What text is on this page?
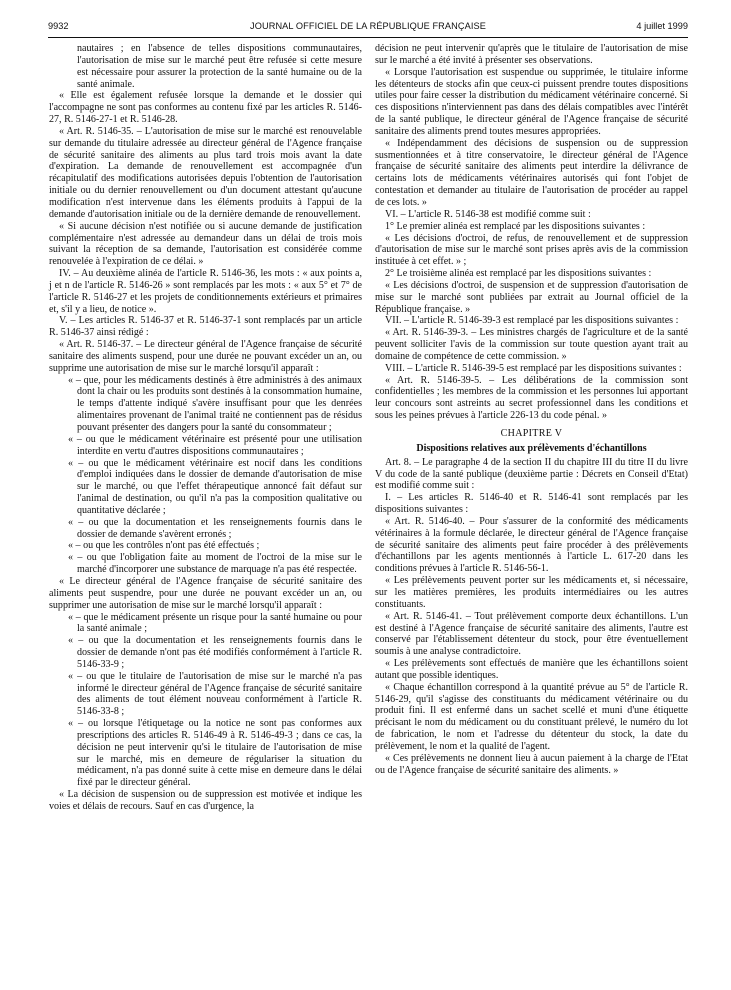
9932	JOURNAL OFFICIEL DE LA RÉPUBLIQUE FRANÇAISE	4 juillet 1999

nautaires ; en l'absence de telles dispositions communautaires, l'autorisation de mise sur le marché peut être refusée si cette mesure est nécessaire pour assurer la protection de la santé humaine ou de la santé animale.

« Elle est également refusée lorsque la demande et le dossier qui l'accompagne ne sont pas conformes au contenu fixé par les articles R. 5146-27, R. 5146-27-1 et R. 5146-28.

« Art. R. 5146-35. – L'autorisation de mise sur le marché est renouvelable sur demande du titulaire adressée au directeur général de l'Agence française de sécurité sanitaire des aliments au plus tard trois mois avant la date d'expiration. La demande de renouvellement est accompagnée d'un récapitulatif des modifications autorisées depuis l'obtention de l'autorisation initiale ou du dernier renouvellement ou d'un document attestant qu'aucune modification n'est intervenue dans les éléments produits à l'appui de la demande d'autorisation initiale ou de la dernière demande de renouvellement.

« Si aucune décision n'est notifiée ou si aucune demande de justification complémentaire n'est adressée au demandeur dans un délai de trois mois suivant la réception de sa demande, l'autorisation est considérée comme renouvelée à l'expiration de ce délai. »

IV. – Au deuxième alinéa de l'article R. 5146-36, les mots : « aux points a, j et n de l'article R. 5146-26 » sont remplacés par les mots : « aux 5° et 7° de l'article R. 5146-27 et les projets de conditionnements extérieurs et primaires et, s'il y a lieu, de notice ».

V. – Les articles R. 5146-37 et R. 5146-37-1 sont remplacés par un article R. 5146-37 ainsi rédigé :

« Art. R. 5146-37. – Le directeur général de l'Agence française de sécurité sanitaire des aliments suspend, pour une durée ne pouvant excéder un an, ou supprime une autorisation de mise sur le marché lorsqu'il apparaît :

« – que, pour les médicaments destinés à être administrés à des animaux dont la chair ou les produits sont destinés à la consommation humaine, le temps d'attente indiqué s'avère insuffisant pour que les denrées alimentaires provenant de l'animal traité ne contiennent pas de résidus pouvant présenter des dangers pour la santé du consommateur ;

« – ou que le médicament vétérinaire est présenté pour une utilisation interdite en vertu d'autres dispositions communautaires ;

« – ou que le médicament vétérinaire est nocif dans les conditions d'emploi indiquées dans le dossier de demande d'autorisation de mise sur le marché, ou que l'effet thérapeutique annoncé fait défaut sur l'animal de destination, ou qu'il n'a pas la composition qualitative ou quantitative déclarée ;

« – ou que la documentation et les renseignements fournis dans le dossier de demande s'avèrent erronés ;

« – ou que les contrôles n'ont pas été effectués ;

« – ou que l'obligation faite au moment de l'octroi de la mise sur le marché d'incorporer une substance de marquage n'a pas été respectée.

« Le directeur général de l'Agence française de sécurité sanitaire des aliments peut suspendre, pour une durée ne pouvant excéder un an, ou supprimer une autorisation de mise sur le marché lorsqu'il apparaît :

« – que le médicament présente un risque pour la santé humaine ou pour la santé animale ;

« – ou que la documentation et les renseignements fournis dans le dossier de demande n'ont pas été modifiés conformément à l'article R. 5146-33-9 ;

« – ou que le titulaire de l'autorisation de mise sur le marché n'a pas informé le directeur général de l'Agence française de sécurité sanitaire des aliments de tout élément nouveau conformément à l'article R. 5146-33-8 ;

« – ou lorsque l'étiquetage ou la notice ne sont pas conformes aux prescriptions des articles R. 5146-49 à R. 5146-49-3 ; dans ce cas, la décision ne peut intervenir qu'si le titulaire de l'autorisation de mise sur le marché, mis en demeure de régulariser la situation du médicament, n'a pas donné suite à cette mise en demeure dans le délai fixé par le directeur général.

« La décision de suspension ou de suppression est motivée et indique les voies et délais de recours. Sauf en cas d'urgence, la

décision ne peut intervenir qu'après que le titulaire de l'autorisation de mise sur le marché a été invité à présenter ses observations.

« Lorsque l'autorisation est suspendue ou supprimée, le titulaire informe les détenteurs de stocks afin que ceux-ci puissent prendre toutes dispositions utiles pour faire cesser la distribution du médicament vétérinaire concerné. Si ces dispositions n'interviennent pas dans des délais compatibles avec l'intérêt de la santé publique, le directeur général de l'Agence française de sécurité sanitaire des aliments prend toutes mesures appropriées.

« Indépendamment des décisions de suspension ou de suppression susmentionnées et à titre conservatoire, le directeur général de l'Agence française de sécurité sanitaire des aliments peut interdire la délivrance de certains lots de médicaments vétérinaires autorisés qui font l'objet de contestation et demander au titulaire de l'autorisation de procéder au rappel de ces lots. »

VI. – L'article R. 5146-38 est modifié comme suit :

1° Le premier alinéa est remplacé par les dispositions suivantes :

« Les décisions d'octroi, de refus, de renouvellement et de suppression d'autorisation de mise sur le marché sont prises après avis de la commission instituée à cet effet. » ;

2° Le troisième alinéa est remplacé par les dispositions suivantes :

« Les décisions d'octroi, de suspension et de suppression d'autorisation de mise sur le marché sont publiées par extrait au Journal officiel de la République française. »

VII. – L'article R. 5146-39-3 est remplacé par les dispositions suivantes :

« Art. R. 5146-39-3. – Les ministres chargés de l'agriculture et de la santé peuvent solliciter l'avis de la commission sur toute question ayant trait au domaine de compétence de cette commission. »

VIII. – L'article R. 5146-39-5 est remplacé par les dispositions suivantes :

« Art. R. 5146-39-5. – Les délibérations de la commission sont confidentielles ; les membres de la commission et les personnes lui apportant leur concours sont astreints au secret professionnel dans les conditions et sous les peines prévues à l'article 226-13 du code pénal. »

CHAPITRE V

Dispositions relatives aux prélèvements d'échantillons

Art. 8. – Le paragraphe 4 de la section II du chapitre III du titre II du livre V du code de la santé publique (deuxième partie : Décrets en Conseil d'Etat) est modifié comme suit :

I. – Les articles R. 5146-40 et R. 5146-41 sont remplacés par les dispositions suivantes :

« Art. R. 5146-40. – Pour s'assurer de la conformité des médicaments vétérinaires à la formule déclarée, le directeur général de l'Agence française de sécurité sanitaire des aliments peut faire procéder à des prélèvements d'échantillons par les agents mentionnés à l'article L. 617-20 dans les conditions prévues à l'article R. 5146-56-1.

« Les prélèvements peuvent porter sur les médicaments et, si nécessaire, sur les matières premières, les produits intermédiaires ou les autres constituants.

« Art. R. 5146-41. – Tout prélèvement comporte deux échantillons. L'un est destiné à l'Agence française de sécurité sanitaire des aliments, l'autre est conservé par l'établissement détenteur du stock, pour être éventuellement soumis à une analyse contradictoire.

« Les prélèvements sont effectués de manière que les échantillons soient autant que possible identiques.

« Chaque échantillon correspond à la quantité prévue au 5° de l'article R. 5146-29, qu'il s'agisse des constituants du médicament vétérinaire ou du produit fini. Il est enfermé dans un sachet scellé et muni d'une étiquette précisant le nom du médicament ou du constituant prélevé, le numéro du lot de fabrication, le nom et l'adresse du détenteur du stock, la date du prélèvement, le nom et la qualité de l'agent.

« Ces prélèvements ne donnent lieu à aucun paiement à la charge de l'Etat ou de l'Agence française de sécurité sanitaire des aliments. »
